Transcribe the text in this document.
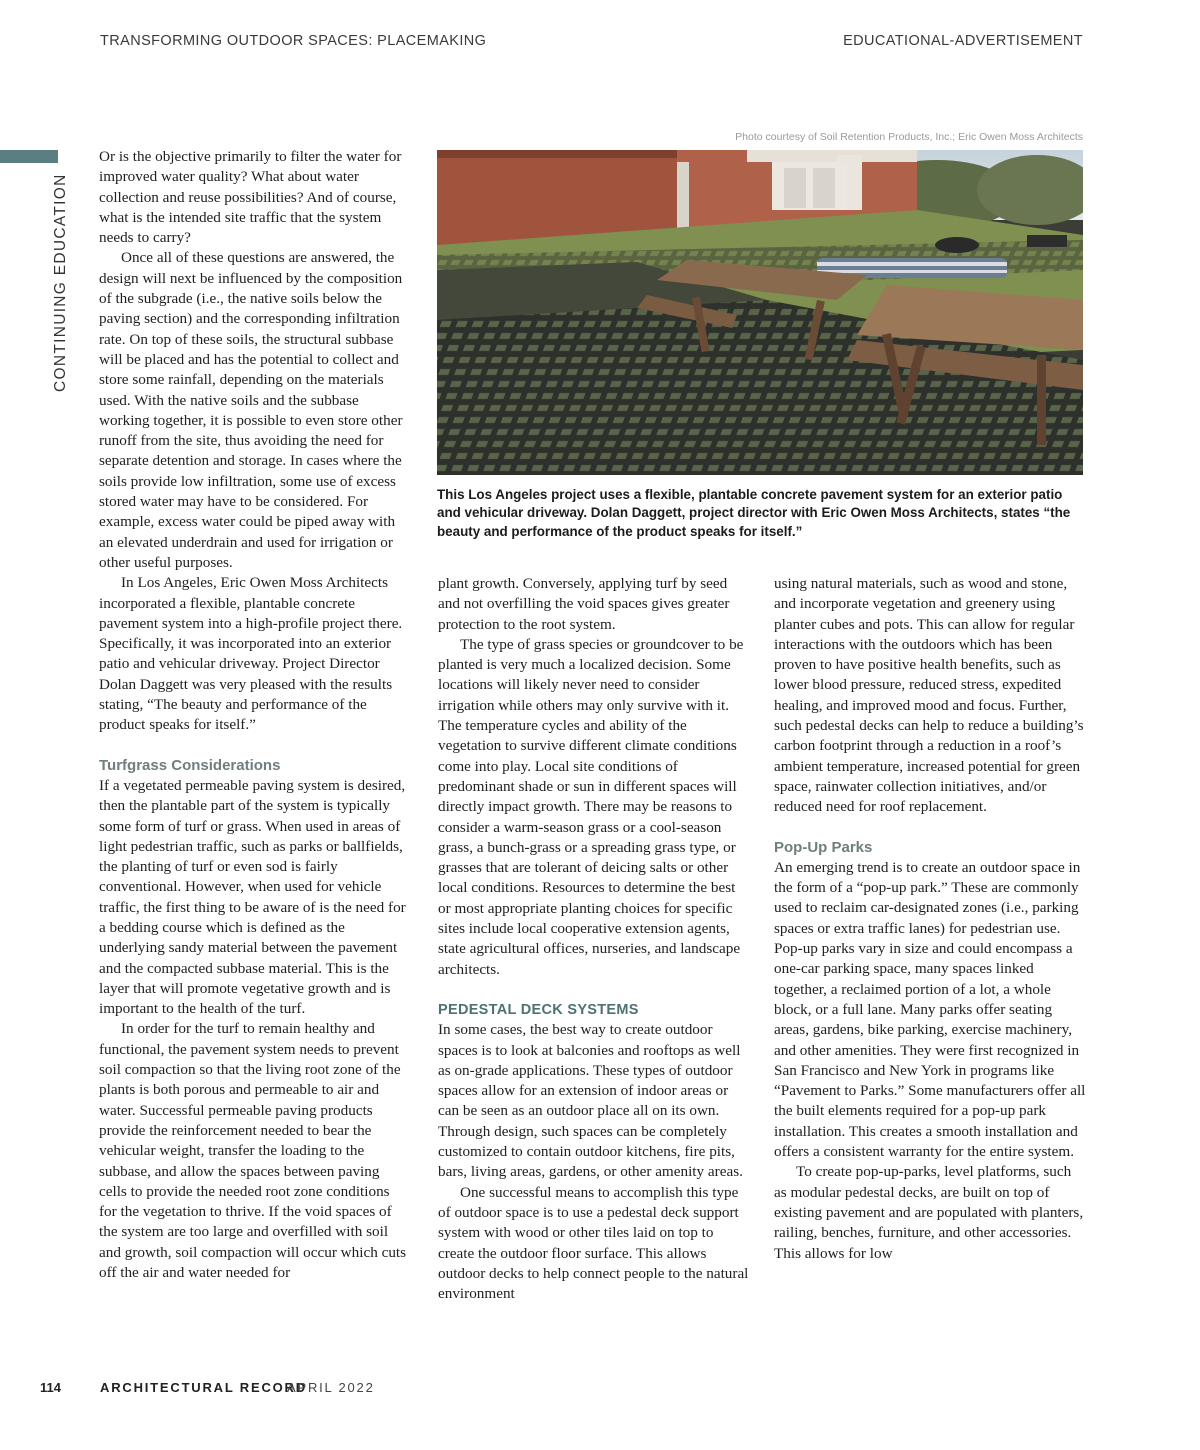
TRANSFORMING OUTDOOR SPACES: PLACEMAKING	EDUCATIONAL-ADVERTISEMENT
CONTINUING EDUCATION

Or is the objective primarily to filter the water for improved water quality? What about water collection and reuse possibilities? And of course, what is the intended site traffic that the system needs to carry?

Once all of these questions are answered, the design will next be influenced by the composition of the subgrade (i.e., the native soils below the paving section) and the corresponding infiltration rate. On top of these soils, the structural subbase will be placed and has the potential to collect and store some rainfall, depending on the materials used. With the native soils and the subbase working together, it is possible to even store other runoff from the site, thus avoiding the need for separate detention and storage. In cases where the soils provide low infiltration, some use of excess stored water may have to be considered. For example, excess water could be piped away with an elevated underdrain and used for irrigation or other useful purposes.

In Los Angeles, Eric Owen Moss Architects incorporated a flexible, plantable concrete pavement system into a high-profile project there. Specifically, it was incorporated into an exterior patio and vehicular driveway. Project Director Dolan Daggett was very pleased with the results stating, “The beauty and performance of the product speaks for itself.”

Turfgrass Considerations

If a vegetated permeable paving system is desired, then the plantable part of the system is typically some form of turf or grass. When used in areas of light pedestrian traffic, such as parks or ballfields, the planting of turf or even sod is fairly conventional. However, when used for vehicle traffic, the first thing to be aware of is the need for a bedding course which is defined as the underlying sandy material between the pavement and the compacted subbase material. This is the layer that will promote vegetative growth and is important to the health of the turf.

In order for the turf to remain healthy and functional, the pavement system needs to prevent soil compaction so that the living root zone of the plants is both porous and permeable to air and water. Successful permeable paving products provide the reinforcement needed to bear the vehicular weight, transfer the loading to the subbase, and allow the spaces between paving cells to provide the needed root zone conditions for the vegetation to thrive. If the void spaces of the system are too large and overfilled with soil and growth, soil compaction will occur which cuts off the air and water needed for

Photo courtesy of Soil Retention Products, Inc.; Eric Owen Moss Architects
This Los Angeles project uses a flexible, plantable concrete pavement system for an exterior patio and vehicular driveway. Dolan Daggett, project director with Eric Owen Moss Architects, states “the beauty and performance of the product speaks for itself.”

plant growth. Conversely, applying turf by seed and not overfilling the void spaces gives greater protection to the root system.

The type of grass species or groundcover to be planted is very much a localized decision. Some locations will likely never need to consider irrigation while others may only survive with it. The temperature cycles and ability of the vegetation to survive different climate conditions come into play. Local site conditions of predominant shade or sun in different spaces will directly impact growth. There may be reasons to consider a warm-season grass or a cool-season grass, a bunch-grass or a spreading grass type, or grasses that are tolerant of deicing salts or other local conditions. Resources to determine the best or most appropriate planting choices for specific sites include local cooperative extension agents, state agricultural offices, nurseries, and landscape architects.

PEDESTAL DECK SYSTEMS

In some cases, the best way to create outdoor spaces is to look at balconies and rooftops as well as on-grade applications. These types of outdoor spaces allow for an extension of indoor areas or can be seen as an outdoor place all on its own. Through design, such spaces can be completely customized to contain outdoor kitchens, fire pits, bars, living areas, gardens, or other amenity areas.

One successful means to accomplish this type of outdoor space is to use a pedestal deck support system with wood or other tiles laid on top to create the outdoor floor surface. This allows outdoor decks to help connect people to the natural environment

using natural materials, such as wood and stone, and incorporate vegetation and greenery using planter cubes and pots. This can allow for regular interactions with the outdoors which has been proven to have positive health benefits, such as lower blood pressure, reduced stress, expedited healing, and improved mood and focus. Further, such pedestal decks can help to reduce a building’s carbon footprint through a reduction in a roof’s ambient temperature, increased potential for green space, rainwater collection initiatives, and/or reduced need for roof replacement.

Pop-Up Parks

An emerging trend is to create an outdoor space in the form of a “pop-up park.” These are commonly used to reclaim car-designated zones (i.e., parking spaces or extra traffic lanes) for pedestrian use. Pop-up parks vary in size and could encompass a one-car parking space, many spaces linked together, a reclaimed portion of a lot, a whole block, or a full lane. Many parks offer seating areas, gardens, bike parking, exercise machinery, and other amenities. They were first recognized in San Francisco and New York in programs like “Pavement to Parks.” Some manufacturers offer all the built elements required for a pop-up park installation. This creates a smooth installation and offers a consistent warranty for the entire system.

To create pop-up-parks, level platforms, such as modular pedestal decks, are built on top of existing pavement and are populated with planters, railing, benches, furniture, and other accessories. This allows for low

114	ARCHITECTURAL RECORD
APRIL 2022
